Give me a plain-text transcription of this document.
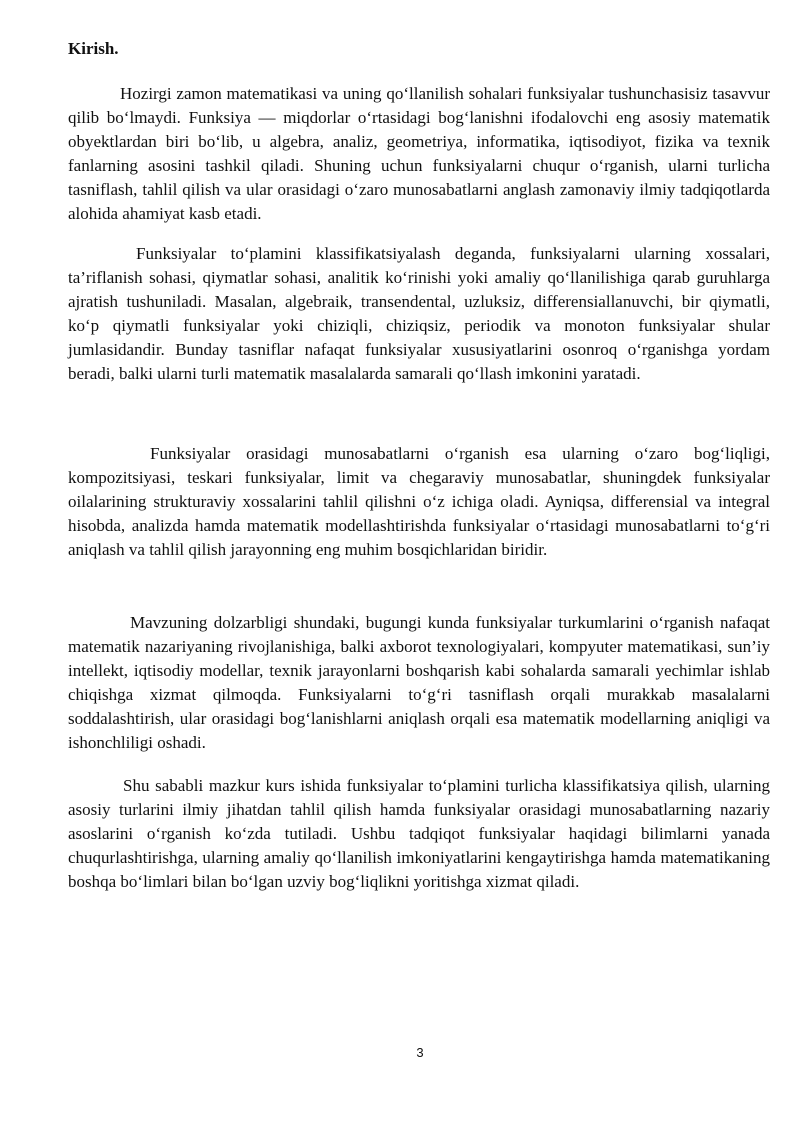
Kirish.

Hozirgi zamon matematikasi va uning qo‘llanilish sohalari funksiyalar tushunchasisiz tasavvur qilib bo‘lmaydi. Funksiya — miqdorlar o‘rtasidagi bog‘lanishni ifodalovchi eng asosiy matematik obyektlardan biri bo‘lib, u algebra, analiz, geometriya, informatika, iqtisodiyot, fizika va texnik fanlarning asosini tashkil qiladi. Shuning uchun funksiyalarni chuqur o‘rganish, ularni turlicha tasniflash, tahlil qilish va ular orasidagi o‘zaro munosabatlarni anglash zamonaviy ilmiy tadqiqotlarda alohida ahamiyat kasb etadi.

Funksiyalar to‘plamini klassifikatsiyalash deganda, funksiyalarni ularning xossalari, ta’riflanish sohasi, qiymatlar sohasi, analitik ko‘rinishi yoki amaliy qo‘llanilishiga qarab guruhlarga ajratish tushuniladi. Masalan, algebraik, transendental, uzluksiz, differensiallanuvchi, bir qiymatli, ko‘p qiymatli funksiyalar yoki chiziqli, chiziqsiz, periodik va monoton funksiyalar shular jumlasidandir. Bunday tasniflar nafaqat funksiyalar xususiyatlarini osonroq o‘rganishga yordam beradi, balki ularni turli matematik masalalarda samarali qo‘llash imkonini yaratadi.

Funksiyalar orasidagi munosabatlarni o‘rganish esa ularning o‘zaro bog‘liqligi, kompozitsiyasi, teskari funksiyalar, limit va chegaraviy munosabatlar, shuningdek funksiyalar oilalarining strukturaviy xossalarini tahlil qilishni o‘z ichiga oladi. Ayniqsa, differensial va integral hisobda, analizda hamda matematik modellashtirishda funksiyalar o‘rtasidagi munosabatlarni to‘g‘ri aniqlash va tahlil qilish jarayonning eng muhim bosqichlaridan biridir.

Mavzuning dolzarbligi shundaki, bugungi kunda funksiyalar turkumlarini o‘rganish nafaqat matematik nazariyaning rivojlanishiga, balki axborot texnologiyalari, kompyuter matematikasi, sun’iy intellekt, iqtisodiy modellar, texnik jarayonlarni boshqarish kabi sohalarda samarali yechimlar ishlab chiqishga xizmat qilmoqda. Funksiyalarni to‘g‘ri tasniflash orqali murakkab masalalarni soddalashtirish, ular orasidagi bog‘lanishlarni aniqlash orqali esa matematik modellarning aniqligi va ishonchliligi oshadi.

Shu sababli mazkur kurs ishida funksiyalar to‘plamini turlicha klassifikatsiya qilish, ularning asosiy turlarini ilmiy jihatdan tahlil qilish hamda funksiyalar orasidagi munosabatlarning nazariy asoslarini o‘rganish ko‘zda tutiladi. Ushbu tadqiqot funksiyalar haqidagi bilimlarni yanada chuqurlashtirishga, ularning amaliy qo‘llanilish imkoniyatlarini kengaytirishga hamda matematikaning boshqa bo‘limlari bilan bo‘lgan uzviy bog‘liqlikni yoritishga xizmat qiladi.

3
